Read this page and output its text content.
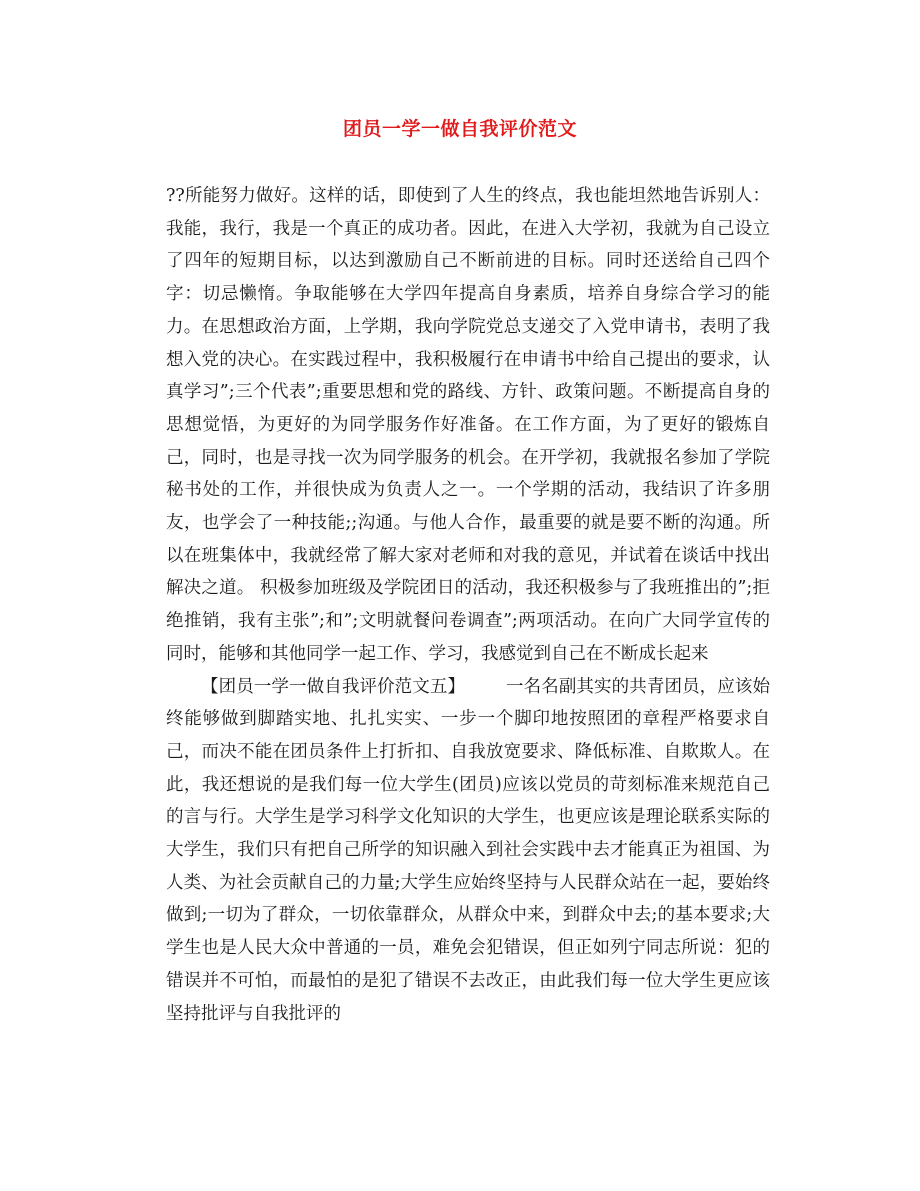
团员一学一做自我评价范文

??所能努力做好。这样的话，即使到了人生的终点，我也能坦然地告诉别人：我能，我行，我是一个真正的成功者。因此，在进入大学初，我就为自己设立了四年的短期目标，以达到激励自己不断前进的目标。同时还送给自己四个字：切忌懒惰。争取能够在大学四年提高自身素质，培养自身综合学习的能力。在思想政治方面，上学期，我向学院党总支递交了入党申请书，表明了我想入党的决心。在实践过程中，我积极履行在申请书中给自己提出的要求，认真学习”;三个代表”;重要思想和党的路线、方针、政策问题。不断提高自身的思想觉悟，为更好的为同学服务作好准备。在工作方面，为了更好的锻炼自己，同时，也是寻找一次为同学服务的机会。在开学初，我就报名参加了学院秘书处的工作，并很快成为负责人之一。一个学期的活动，我结识了许多朋友，也学会了一种技能;;沟通。与他人合作，最重要的就是要不断的沟通。所以在班集体中，我就经常了解大家对老师和对我的意见，并试着在谈话中找出解决之道。 积极参加班级及学院团日的活动，我还积极参与了我班推出的”;拒绝推销，我有主张”;和”;文明就餐问卷调查”;两项活动。在向广大同学宣传的同时，能够和其他同学一起工作、学习，我感觉到自己在不断成长起来

【团员一学一做自我评价范文五】 　　一名名副其实的共青团员，应该始终能够做到脚踏实地、扎扎实实、一步一个脚印地按照团的章程严格要求自己，而决不能在团员条件上打折扣、自我放宽要求、降低标准、自欺欺人。在此，我还想说的是我们每一位大学生(团员)应该以党员的苛刻标准来规范自己的言与行。大学生是学习科学文化知识的大学生，也更应该是理论联系实际的大学生，我们只有把自己所学的知识融入到社会实践中去才能真正为祖国、为人类、为社会贡献自己的力量;大学生应始终坚持与人民群众站在一起，要始终做到;一切为了群众，一切依靠群众，从群众中来，到群众中去;的基本要求;大学生也是人民大众中普通的一员，难免会犯错误，但正如列宁同志所说：犯的错误并不可怕，而最怕的是犯了错误不去改正，由此我们每一位大学生更应该坚持批评与自我批评的
